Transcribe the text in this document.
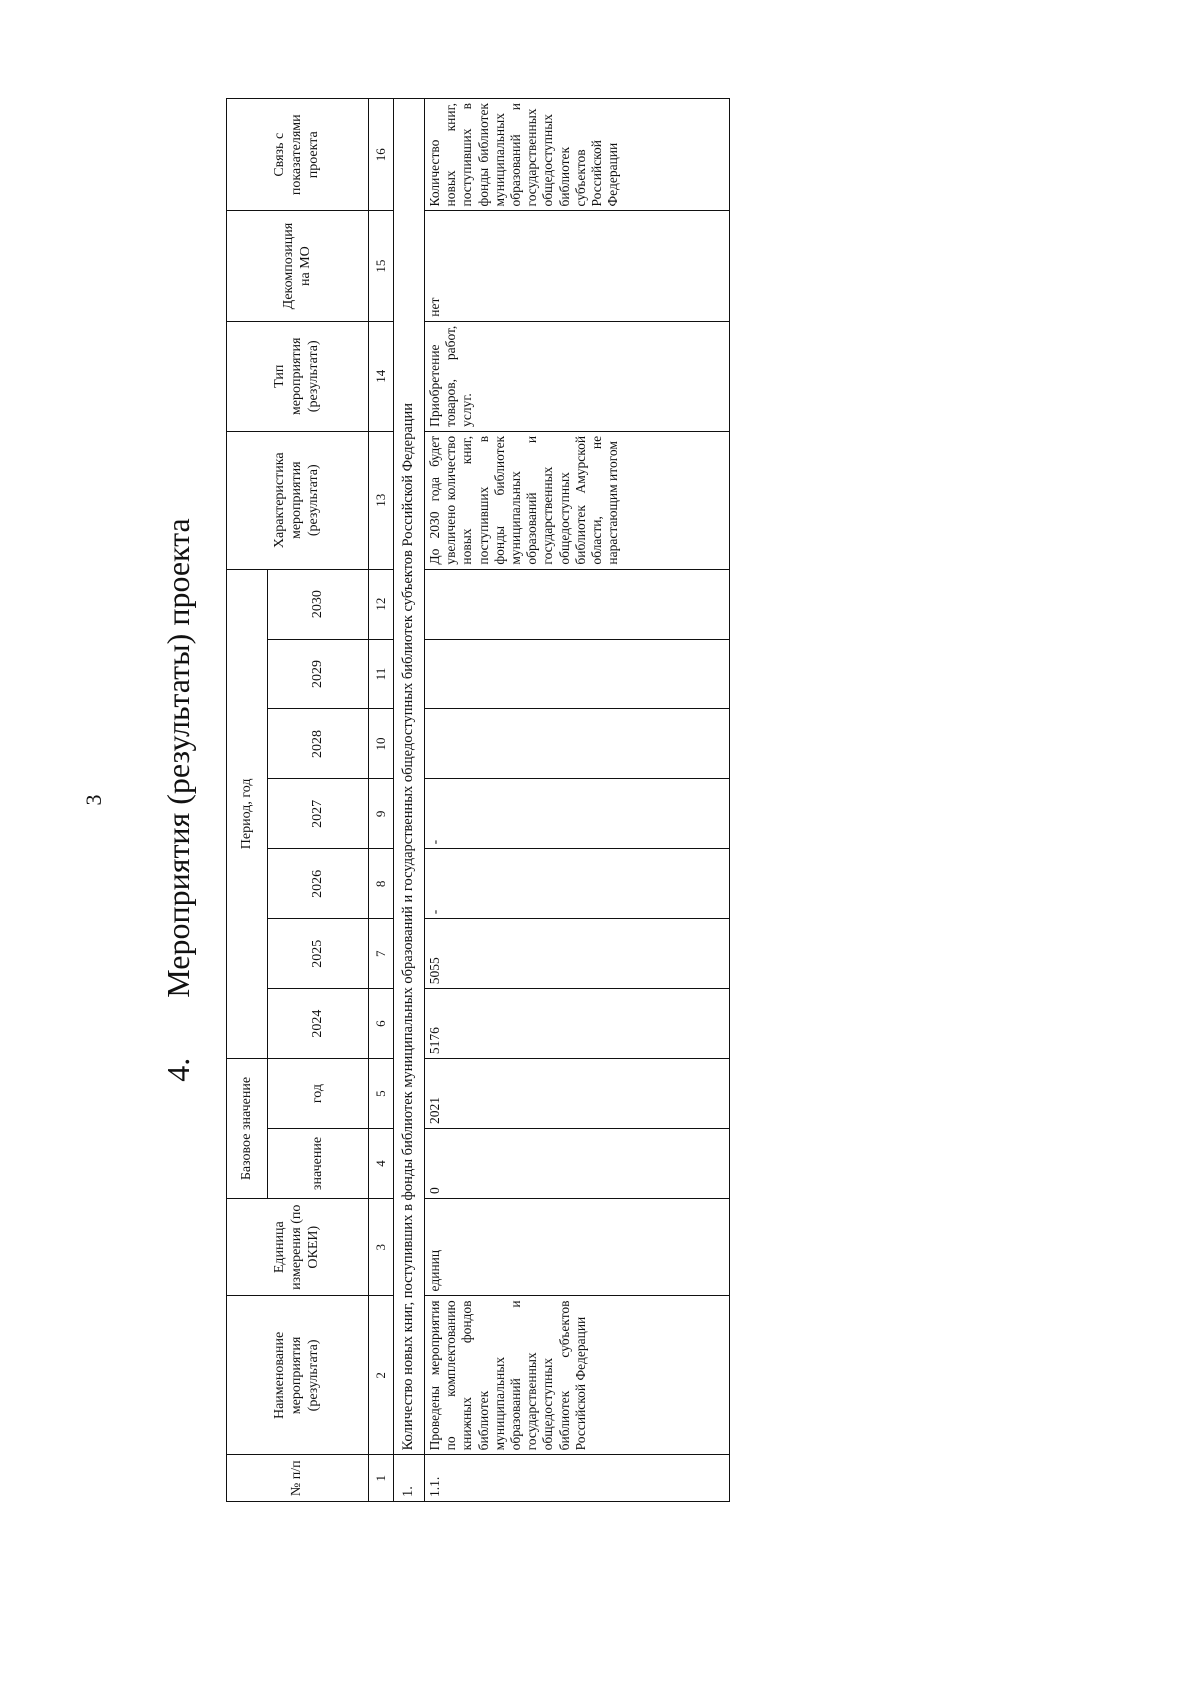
3
4.Мероприятия (результаты) проекта
№ п/п	Наименование мероприятия (результата)	Единица измерения (по ОКЕИ)	Базовое значение		Период, год							Характеристика мероприятия (результата)	Тип мероприятия (результата)	Декомпозиция на МО	Связь с показателями проекта
					2024	2025	2026	2027	2028	2029	2030				
			значение	год											
1	2	3	4	5	6	7	8	9	10	11	12	13	14	15	16
1.	Количество новых книг, поступивших в фонды библиотек муниципальных образований и государственных общедоступных библиотек субъектов Российской Федерации														
1.1.	Проведены мероприятия по комплектованию книжных фондов библиотек муниципальных образований и государственных общедоступных библиотек субъектов Российской Федерации	единиц	0	2021	5176	5055	-	-				До 2030 года будет увеличено количество новых книг, поступивших в фонды библиотек муниципальных образований и государственных общедоступных библиотек Амурской области, не нарастающим итогом	Приобретение товаров, работ, услуг.	нет	Количество новых книг, поступивших в фонды библиотек муниципальных образований и государственных общедоступных библиотек субъектов Российской Федерации
